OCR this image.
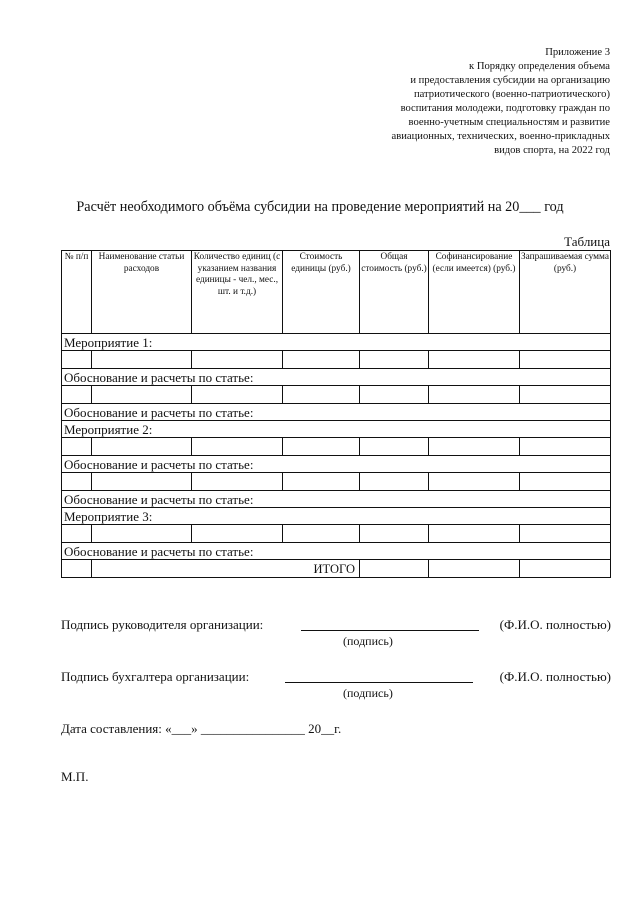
Приложение 3
к Порядку определения объема
и предоставления субсидии на организацию
патриотического (военно-патриотического)
воспитания молодежи, подготовку граждан по
военно-учетным специальностям и развитие
авиационных, технических, военно-прикладных
видов спорта, на 2022 год
Расчёт необходимого объёма субсидии на проведение мероприятий на 20___ год
Таблица
№ п/п	Наименование статьи расходов	Количество единиц (с указанием названия единицы - чел., мес., шт. и т.д.)	Стоимость единицы (руб.)	Общая стоимость (руб.)	Софинансирование (если имеется) (руб.)	Запрашиваемая сумма (руб.)
Мероприятие 1:						

Обоснование и расчеты по статье:						

Обоснование и расчеты по статье:						
Мероприятие 2:						

Обоснование и расчеты по статье:						

Обоснование и расчеты по статье:						
Мероприятие 3:						

Обоснование и расчеты по статье:						
	ИТОГО					
Подпись руководителя организации:	(Ф.И.О. полностью)
(подпись)
Подпись бухгалтера организации:	(Ф.И.О. полностью)
(подпись)
Дата составления: «___» ________________ 20__г.
М.П.
